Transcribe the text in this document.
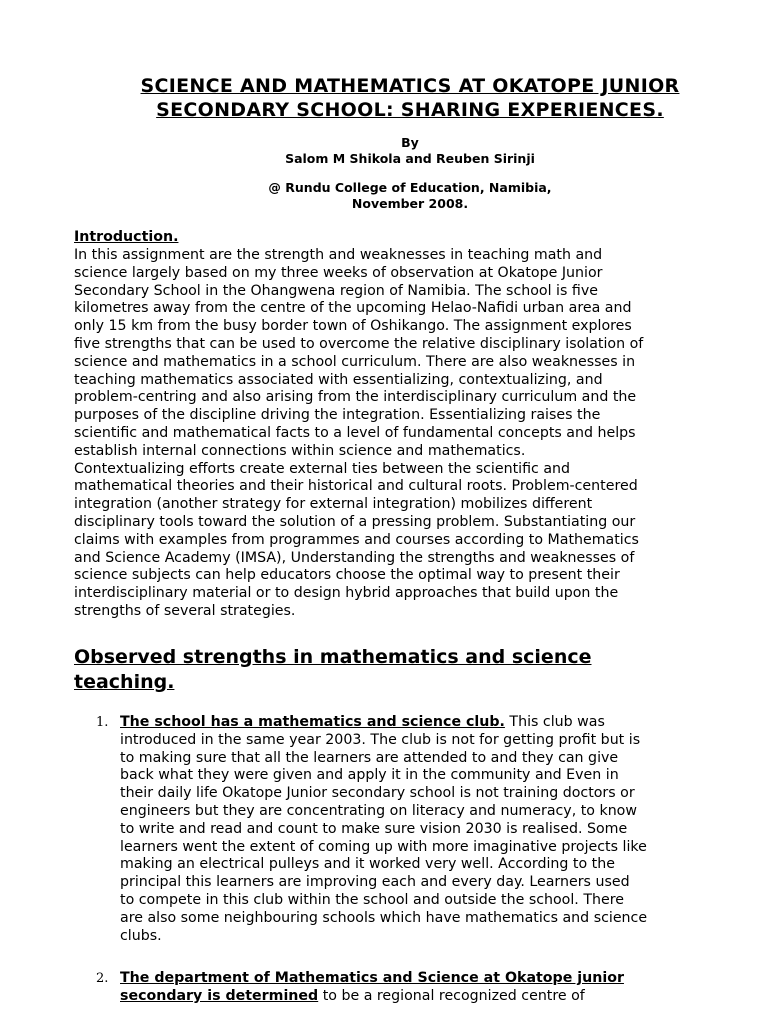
SCIENCE AND MATHEMATICS AT OKATOPE JUNIOR
SECONDARY SCHOOL: SHARING EXPERIENCES.
By
Salom M Shikola and Reuben Sirinji
@ Rundu College of Education, Namibia,
November 2008.
Introduction.
In this assignment are the strength and weaknesses in teaching math and
science largely based on my three weeks of observation at Okatope Junior
Secondary School in the Ohangwena region of Namibia. The school is five
kilometres away from the centre of the upcoming Helao-Nafidi urban area and
only 15 km from the busy border town of Oshikango. The assignment explores
five strengths that can be used to overcome the relative disciplinary isolation of
science and mathematics in a school curriculum. There are also weaknesses in
teaching mathematics associated with essentializing, contextualizing, and
problem-centring and also arising from the interdisciplinary curriculum and the
purposes of the discipline driving the integration. Essentializing raises the
scientific and mathematical facts to a level of fundamental concepts and helps
establish internal connections within science and mathematics.
Contextualizing efforts create external ties between the scientific and
mathematical theories and their historical and cultural roots. Problem-centered
integration (another strategy for external integration) mobilizes different
disciplinary tools toward the solution of a pressing problem. Substantiating our
claims with examples from programmes and courses according to Mathematics
and Science Academy (IMSA), Understanding the strengths and weaknesses of
science subjects can help educators choose the optimal way to present their
interdisciplinary material or to design hybrid approaches that build upon the
strengths of several strategies.
Observed strengths in mathematics and science
teaching.
1. The school has a mathematics and science club. This club was
introduced in the same year 2003. The club is not for getting profit but is
to making sure that all the learners are attended to and they can give
back what they were given and apply it in the community and Even in
their daily life Okatope Junior secondary school is not training doctors or
engineers but they are concentrating on literacy and numeracy, to know
to write and read and count to make sure vision 2030 is realised. Some
learners went the extent of coming up with more imaginative projects like
making an electrical pulleys and it worked very well. According to the
principal this learners are improving each and every day. Learners used
to compete in this club within the school and outside the school. There
are also some neighbouring schools which have mathematics and science
clubs.
2. The department of Mathematics and Science at Okatope junior
secondary is determined to be a regional recognized centre of
